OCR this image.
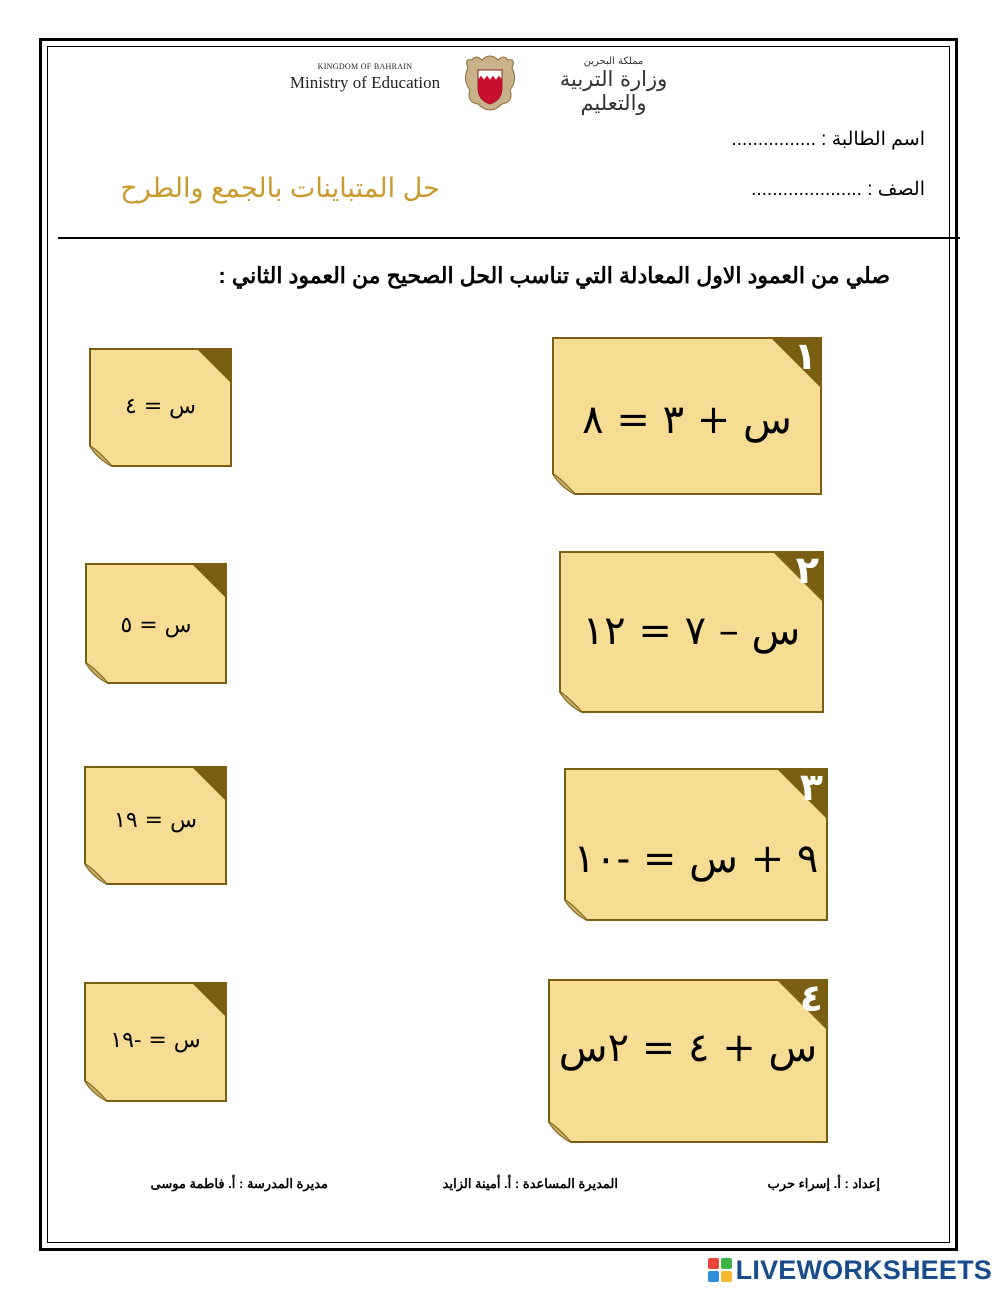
KINGDOM OF BAHRAIN
Ministry of Education
مملكة البحرين
وزارة التربية والتعليم
اسم الطالبة : ................
الصف : .....................
حل المتباينات بالجمع والطرح
صلي من العمود الاول المعادلة التي تناسب الحل الصحيح من العمود الثاني :
١
س + ٣ = ٨
٢
س – ٧ = ١٢
٣
٩ + س = -١٠
٤
س + ٤ = ٢س
س = ٤
س = ٥
س = ١٩
س = -١٩
إعداد : أ. إسراء حرب
المديرة المساعدة : أ. أمينة الزايد
مديرة المدرسة : أ. فاطمة موسى
LIVEWORKSHEETS
